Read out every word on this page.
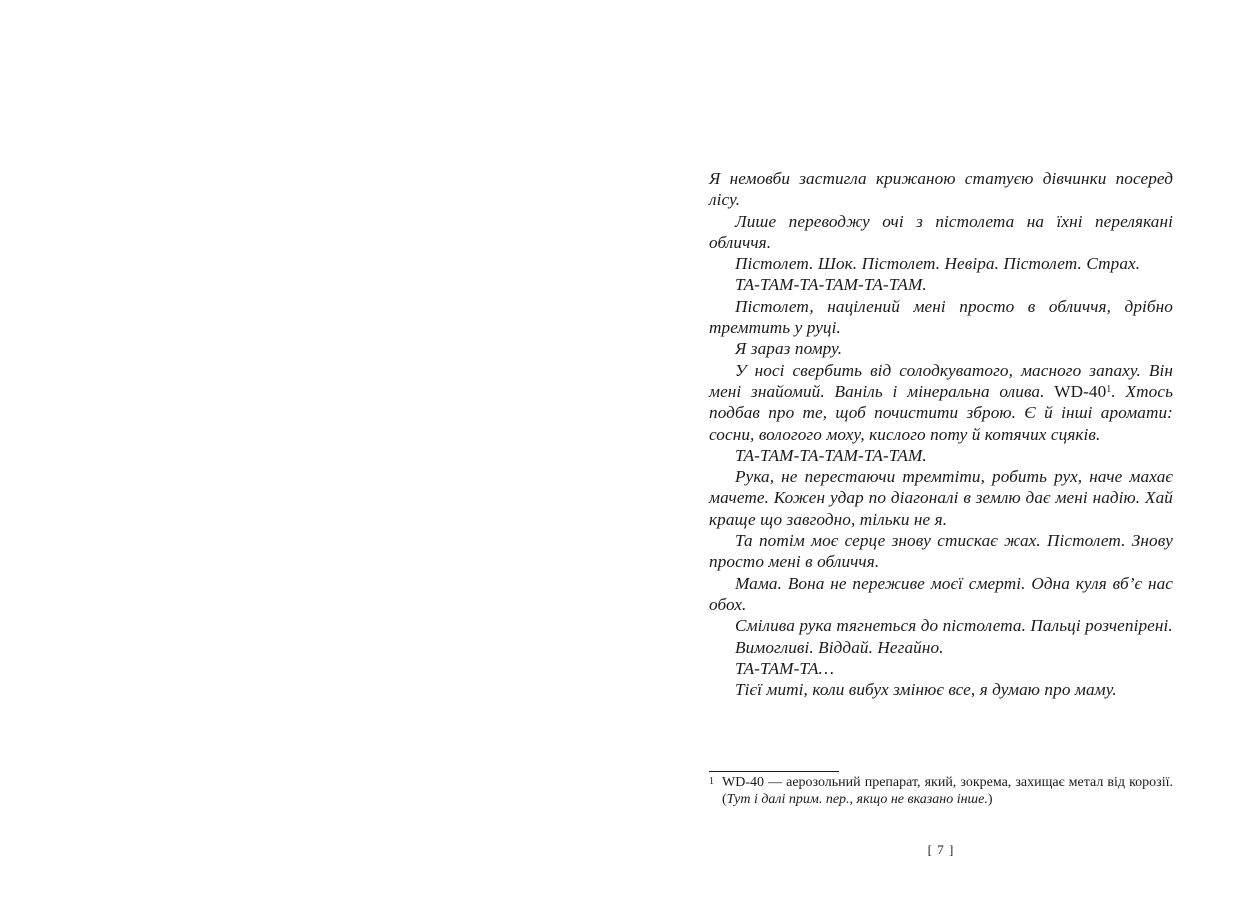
Я немовби застигла крижаною статуєю дівчинки посеред лісу.

Лише переводжу очі з пістолета на їхні перелякані обличчя.

Пістолет. Шок. Пістолет. Невіра. Пістолет. Страх.

ТА-ТАМ-ТА-ТАМ-ТА-ТАМ.

Пістолет, націлений мені просто в обличчя, дрібно тремтить у руці.

Я зараз помру.

У носі свербить від солодкуватого, масного запаху. Він мені знайомий. Ваніль і мінеральна олива. WD-40$^1$. Хтось подбав про те, щоб почистити зброю. Є й інші аромати: сосни, вологого моху, кислого поту й котячих сцяків.

ТА-ТАМ-ТА-ТАМ-ТА-ТАМ.

Рука, не перестаючи тремтіти, робить рух, наче махає мачете. Кожен удар по діагоналі в землю дає мені надію. Хай краще що завгодно, тільки не я.

Та потім моє серце знову стискає жах. Пістолет. Знову просто мені в обличчя.

Мама. Вона не переживе моєї смерті. Одна куля вб’є нас обох.

Смілива рука тягнеться до пістолета. Пальці розчепірені.

Вимогливі. Віддай. Негайно.

ТА-ТАМ-ТА…

Тієї миті, коли вибух змінює все, я думаю про маму.

1 WD-40 — аерозольний препарат, який, зокрема, захищає метал від корозії. (Тут і далі прим. пер., якщо не вказано інше.)
[ 7 ]
